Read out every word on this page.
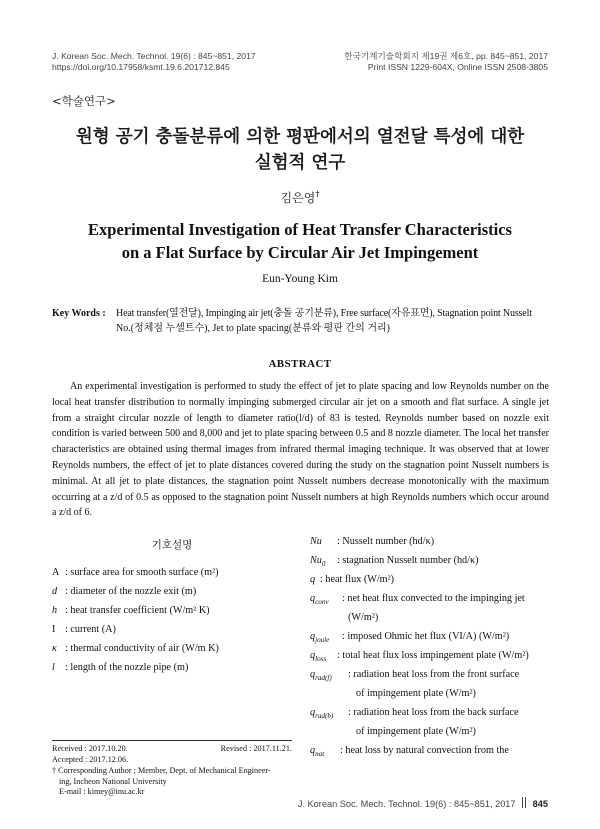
J. Korean Soc. Mech. Technol. 19(6) : 845~851, 2017
https://doi.org/10.17958/ksmt.19.6.201712.845
한국기계기술학회지 제19권 제6호, pp. 845~851, 2017
Print ISSN 1229-604X, Online ISSN 2508-3805
<학술연구>
원형 공기 충돌분류에 의한 평판에서의 열전달 특성에 대한
실험적 연구
김은영†
Experimental Investigation of Heat Transfer Characteristics
on a Flat Surface by Circular Air Jet Impingement
Eun-Young Kim
Key Words : Heat transfer(열전달), Impinging air jet(충돌 공기분류), Free surface(자유표면), Stagnation point Nusselt
No.(정체점 누셀트수), Jet to plate spacing(분류와 평판 간의 거리)
ABSTRACT

An experimental investigation is performed to study the effect of jet to plate spacing and low Reynolds number on the local heat transfer distribution to normally impinging submerged circular air jet on a smooth and flat surface. A single jet from a straight circular nozzle of length to diameter ratio(l/d) of 83 is tested. Reynolds number based on nozzle exit condition is varied between 500 and 8,000 and jet to plate spacing between 0.5 and 8 nozzle diameter. The local het transfer characteristics are obtained using thermal images from infrared thermal imaging technique. It was observed that at lower Reynolds numbers, the effect of jet to plate distances covered during the study on the stagnation point Nusselt numbers is minimal. At all jet to plate distances, the stagnation point Nusselt numbers decrease monotonically with the maximum occurring at a z/d of 0.5 as opposed to the stagnation point Nusselt numbers at high Reynolds numbers which occur around a z/d of 6.

기호설명
A : surface area for smooth surface (m²)
d : diameter of the nozzle exit (m)
h : heat transfer coefficient (W/m² K)
I : current (A)
κ : thermal conductivity of air (W/m K)
l : length of the nozzle pipe (m)
Received : 2017.10.20.	Revised : 2017.11.21.
Accepted : 2017.12.06.
† Corresponding Author ; Member, Dept. of Mechanical Engineer-
ing, Incheon National University
E-mail : kimey@inu.ac.kr
Nu : Nusselt number (hd/κ)
$Nu_0$ : stagnation Nusselt number (hd/κ)
q : heat flux (W/m²)
$q_{conv}$ : net heat flux convected to the impinging jet
(W/m²)
$q_{joule}$ : imposed Ohmic het flux (VI/A) (W/m²)
$q_{loss}$ : total heat flux loss impingement plate (W/m²)
$q_{rad(f)}$ : radiation heat loss from the front surface
of impingement plate (W/m²)
$q_{rad(b)}$ : radiation heat loss from the back surface
of impingement plate (W/m²)
$q_{nat}$ : heat loss by natural convection from the
J. Korean Soc. Mech. Technol. 19(6) : 845~851, 2017 845
